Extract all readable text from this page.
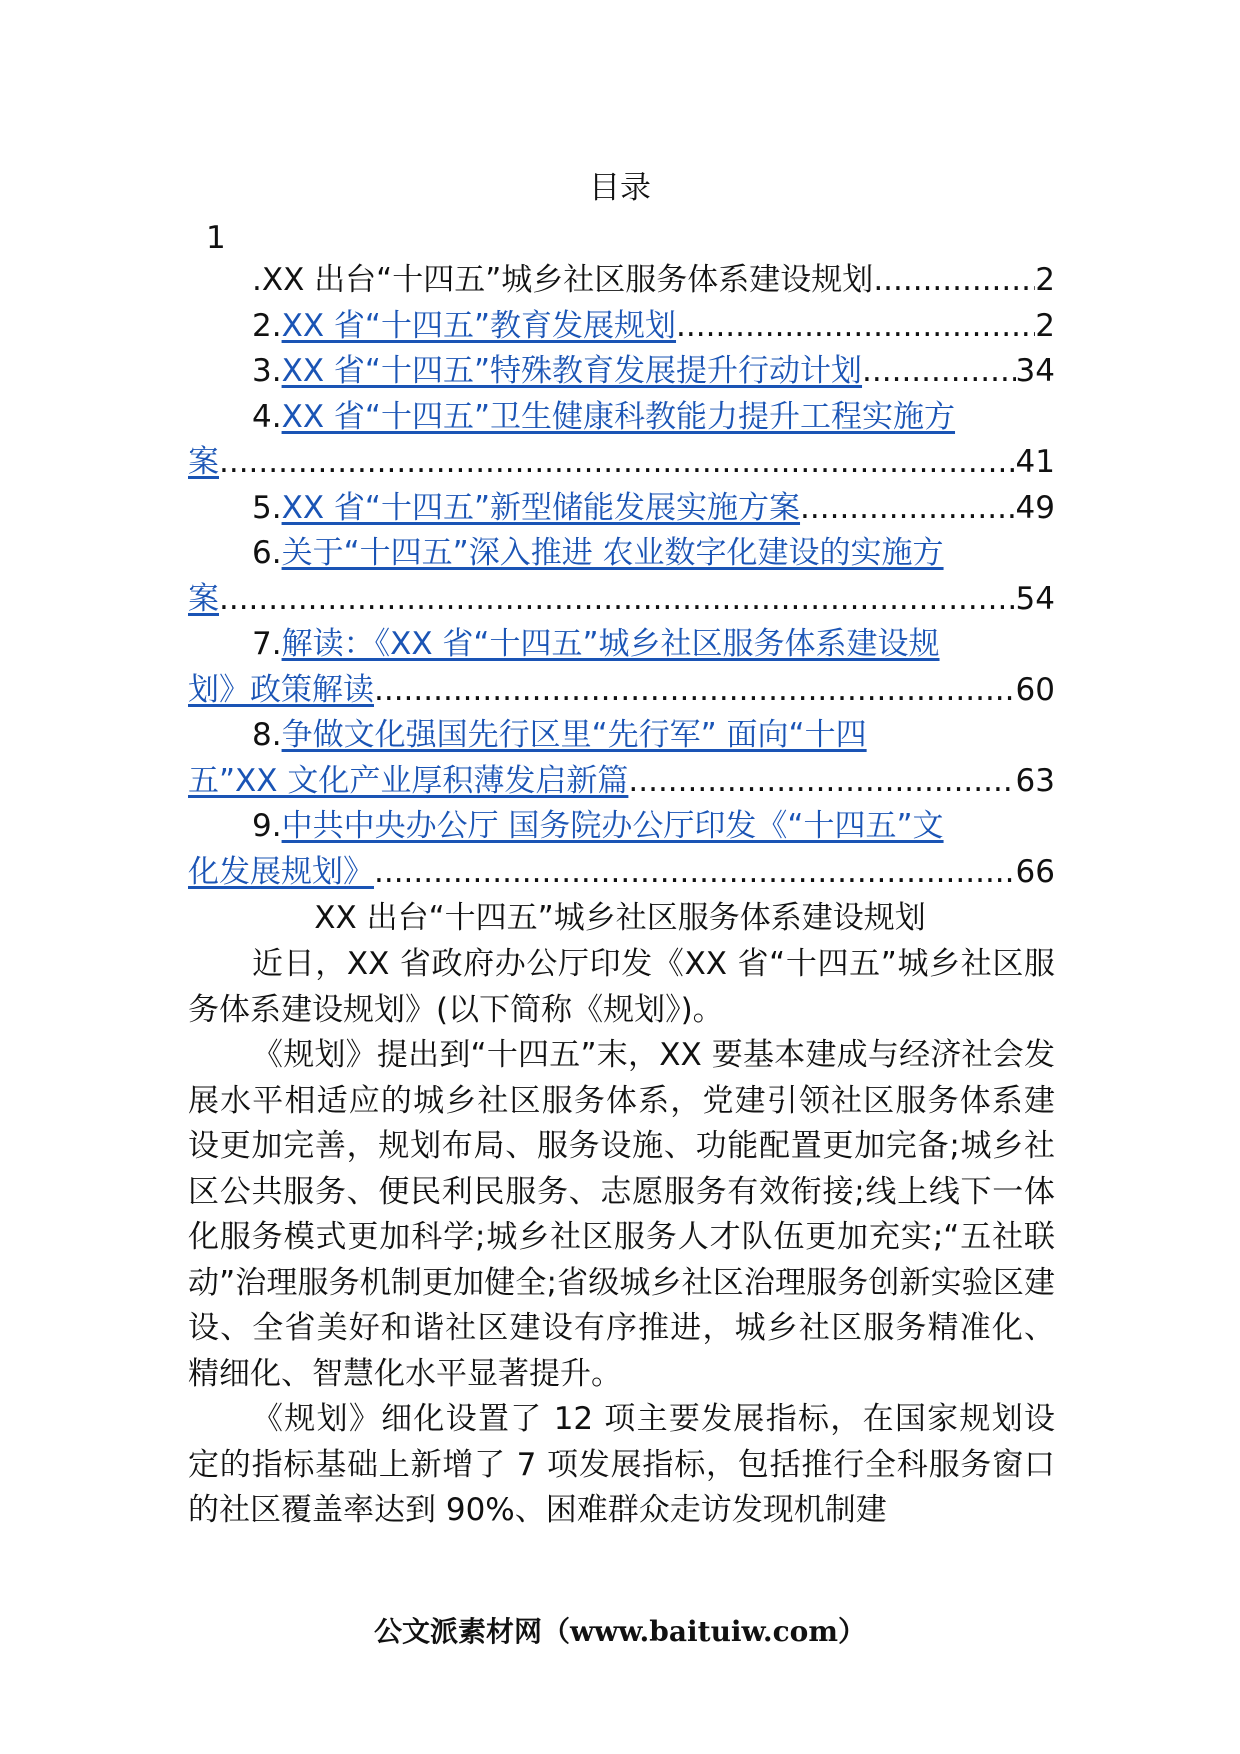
目录
1
.XX 出台“十四五”城乡社区服务体系建设规划 .....	2
2.XX 省“十四五”教育发展规划 .....	2
3.XX 省“十四五”特殊教育发展提升行动计划 .....	34
4.XX 省“十四五”卫生健康科教能力提升工程实施方
案 .....	41
5.XX 省“十四五”新型储能发展实施方案 .....	49
6.关于“十四五”深入推进 农业数字化建设的实施方
案 .....	54
7.解读：《XX 省“十四五”城乡社区服务体系建设规
划》政策解读 .....	60
8.争做文化强国先行区里“先行军” 面向“十四
五”XX 文化产业厚积薄发启新篇 .....	63
9.中共中央办公厅 国务院办公厅印发《“十四五”文
化发展规划》 .....	66
XX 出台“十四五”城乡社区服务体系建设规划

近日，XX 省政府办公厅印发《XX 省“十四五”城乡社区服务体系建设规划》(以下简称《规划》)。

《规划》提出到“十四五”末，XX 要基本建成与经济社会发展水平相适应的城乡社区服务体系，党建引领社区服务体系建设更加完善，规划布局、服务设施、功能配置更加完备;城乡社区公共服务、便民利民服务、志愿服务有效衔接;线上线下一体化服务模式更加科学;城乡社区服务人才队伍更加充实;“五社联动”治理服务机制更加健全;省级城乡社区治理服务创新实验区建设、全省美好和谐社区建设有序推进，城乡社区服务精准化、精细化、智慧化水平显著提升。

《规划》细化设置了 12 项主要发展指标，在国家规划设定的指标基础上新增了 7 项发展指标，包括推行全科服务窗口的社区覆盖率达到 90%、困难群众走访发现机制建

公文派素材网（www.baituiw.com）
